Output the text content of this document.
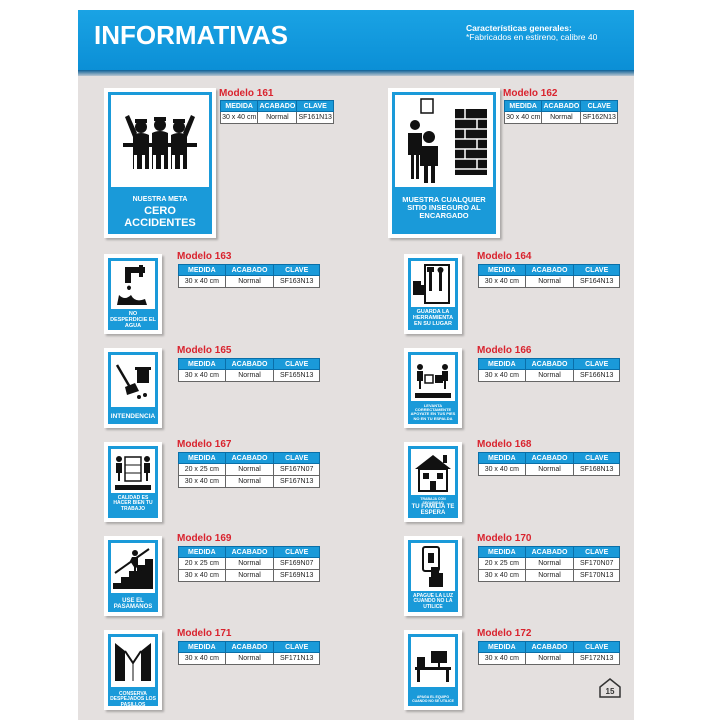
INFORMATIVAS	Características generales:
*Fabricados en estireno, calibre 40
NUESTRA META
CERO ACCIDENTES
Modelo 161
MEDIDA	ACABADO	CLAVE
30 x 40 cm	Normal	SF161N13
MUESTRA CUALQUIER SITIO INSEGURO AL ENCARGADO
Modelo 162
MEDIDA	ACABADO	CLAVE
30 x 40 cm	Normal	SF162N13
NO DESPERDICIE EL AGUA
Modelo 163
MEDIDA	ACABADO	CLAVE
30 x 40 cm	Normal	SF163N13
GUARDA LA HERRAMIENTA EN SU LUGAR
Modelo 164
MEDIDA	ACABADO	CLAVE
30 x 40 cm	Normal	SF164N13
INTENDENCIA
Modelo 165
MEDIDA	ACABADO	CLAVE
30 x 40 cm	Normal	SF165N13
LEVANTA CORRECTAMENTE APOYATE EN TUS PIES NO EN TU ESPALDA
Modelo 166
MEDIDA	ACABADO	CLAVE
30 x 40 cm	Normal	SF166N13
CALIDAD ES HACER BIEN TU TRABAJO
Modelo 167
MEDIDA	ACABADO	CLAVE
20 x 25 cm	Normal	SF167N07
30 x 40 cm	Normal	SF167N13
TRABAJA CON SEGURIDAD
TU FAMILIA TE ESPERA
Modelo 168
MEDIDA	ACABADO	CLAVE
30 x 40 cm	Normal	SF168N13
USE EL PASAMANOS
Modelo 169
MEDIDA	ACABADO	CLAVE
20 x 25 cm	Normal	SF169N07
30 x 40 cm	Normal	SF169N13
APAGUE LA LUZ CUANDO NO LA UTILICE
Modelo 170
MEDIDA	ACABADO	CLAVE
20 x 25 cm	Normal	SF170N07
30 x 40 cm	Normal	SF170N13
CONSERVA DESPEJADOS LOS PASILLOS
Modelo 171
MEDIDA	ACABADO	CLAVE
30 x 40 cm	Normal	SF171N13
APAGA EL EQUIPO CUANDO NO SE UTILICE
Modelo 172
MEDIDA	ACABADO	CLAVE
30 x 40 cm	Normal	SF172N13
15
